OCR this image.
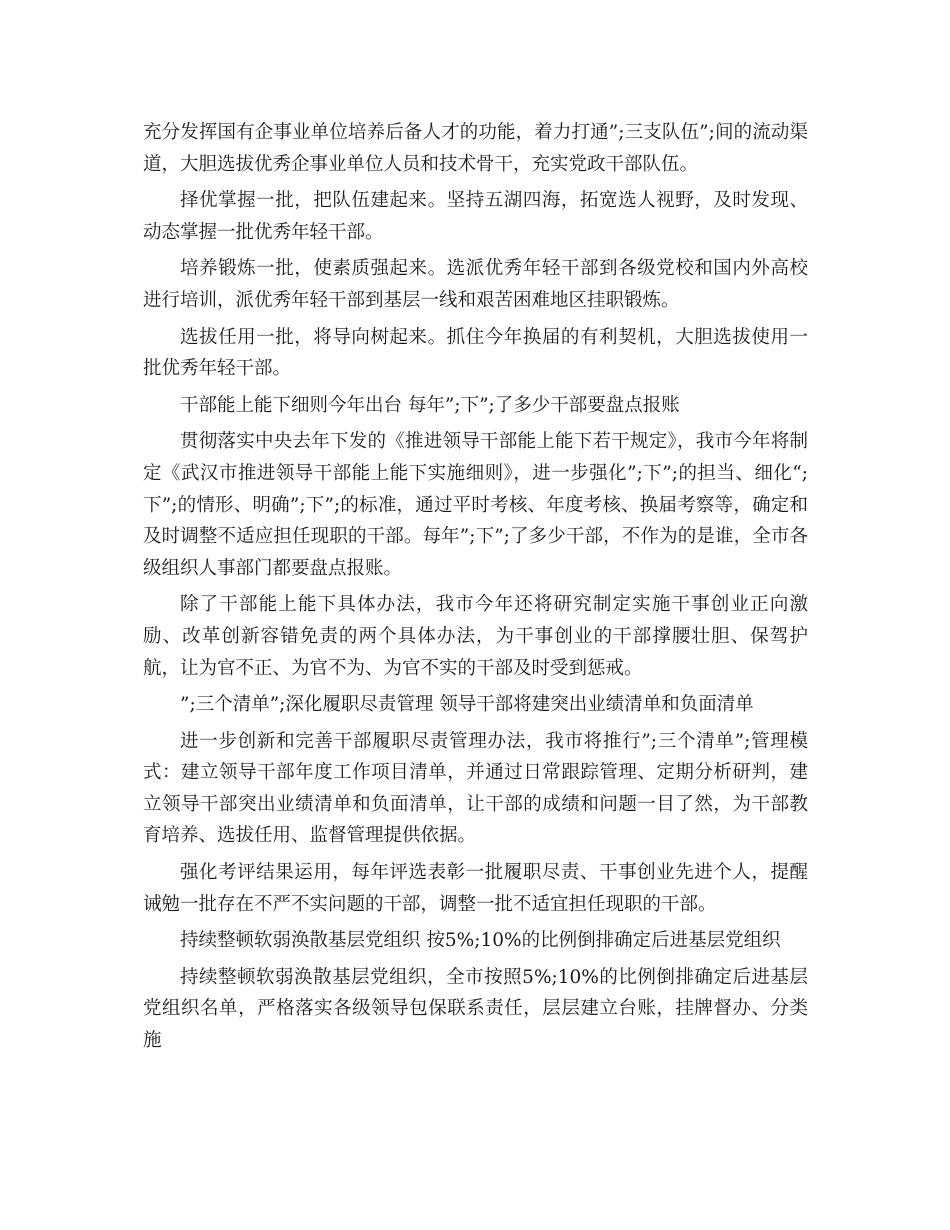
充分发挥国有企事业单位培养后备人才的功能，着力打通”;三支队伍”;间的流动渠道，大胆选拔优秀企事业单位人员和技术骨干，充实党政干部队伍。

择优掌握一批，把队伍建起来。坚持五湖四海，拓宽选人视野，及时发现、动态掌握一批优秀年轻干部。

培养锻炼一批，使素质强起来。选派优秀年轻干部到各级党校和国内外高校进行培训，派优秀年轻干部到基层一线和艰苦困难地区挂职锻炼。

选拔任用一批，将导向树起来。抓住今年换届的有利契机，大胆选拔使用一批优秀年轻干部。

干部能上能下细则今年出台 每年”;下”;了多少干部要盘点报账

贯彻落实中央去年下发的《推进领导干部能上能下若干规定》，我市今年将制定《武汉市推进领导干部能上能下实施细则》，进一步强化”;下”;的担当、细化“;下”;的情形、明确”;下”;的标准，通过平时考核、年度考核、换届考察等，确定和及时调整不适应担任现职的干部。每年”;下”;了多少干部，不作为的是谁，全市各级组织人事部门都要盘点报账。

除了干部能上能下具体办法，我市今年还将研究制定实施干事创业正向激励、改革创新容错免责的两个具体办法，为干事创业的干部撑腰壮胆、保驾护航，让为官不正、为官不为、为官不实的干部及时受到惩戒。

”;三个清单”;深化履职尽责管理 领导干部将建突出业绩清单和负面清单

进一步创新和完善干部履职尽责管理办法，我市将推行”;三个清单”;管理模式：建立领导干部年度工作项目清单，并通过日常跟踪管理、定期分析研判，建立领导干部突出业绩清单和负面清单，让干部的成绩和问题一目了然，为干部教育培养、选拔任用、监督管理提供依据。

强化考评结果运用，每年评选表彰一批履职尽责、干事创业先进个人，提醒诫勉一批存在不严不实问题的干部，调整一批不适宜担任现职的干部。

持续整顿软弱涣散基层党组织 按5%;10%的比例倒排确定后进基层党组织

持续整顿软弱涣散基层党组织，全市按照5%;10%的比例倒排确定后进基层党组织名单，严格落实各级领导包保联系责任，层层建立台账，挂牌督办、分类施
